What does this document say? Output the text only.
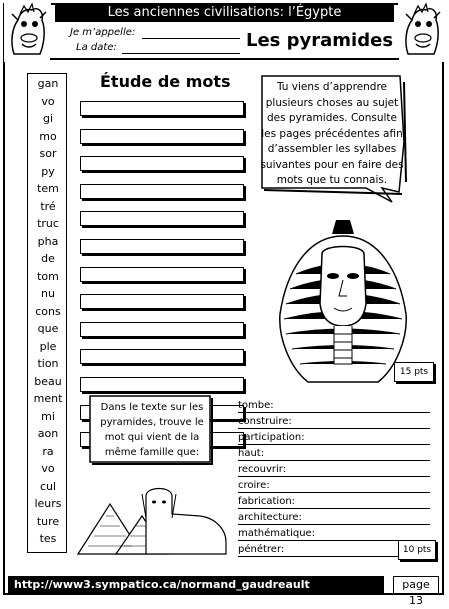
Les anciennes civilisations: l’Égypte
Je m’appelle:
La date:	Les pyramides
gan
vo
gi
mo
sor
py
tem
tré
truc
pha
de
tom
nu
cons
que
ple
tion
beau
ment
mi
aon
ra
vo
cul
leurs
ture
tes
Étude de mots	Tu viens d’apprendre plusieurs choses au sujet des pyramides. Consulte les pages précédentes afin d’assembler les syllabes suivantes pour en faire des mots que tu connais.
15 pts
Dans le texte sur les pyramides, trouve le mot qui vient de la même famille que:
tombe:
construire:
participation:
haut:
recouvrir:
croire:
fabrication:
architecture:
mathématique:
pénétrer:	10 pts
http://www3.sympatico.ca/normand_gaudreault	page 13
